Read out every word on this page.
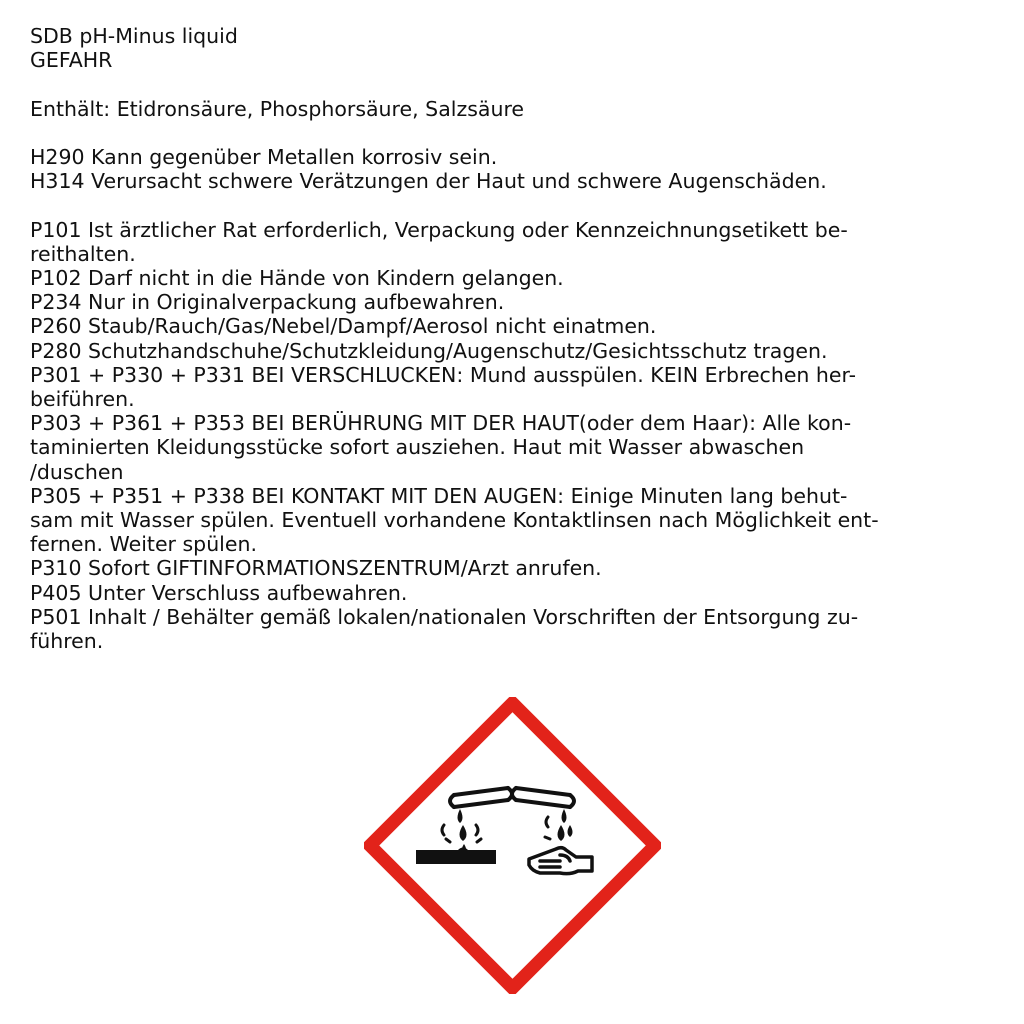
SDB pH-Minus liquid
GEFAHR
Enthält: Etidronsäure, Phosphorsäure, Salzsäure
H290 Kann gegenüber Metallen korrosiv sein.
H314 Verursacht schwere Verätzungen der Haut und schwere Augenschäden.
P101 Ist ärztlicher Rat erforderlich, Verpackung oder Kennzeichnungsetikett be-
reithalten.
P102 Darf nicht in die Hände von Kindern gelangen.
P234 Nur in Originalverpackung aufbewahren.
P260 Staub/Rauch/Gas/Nebel/Dampf/Aerosol nicht einatmen.
P280 Schutzhandschuhe/Schutzkleidung/Augenschutz/Gesichtsschutz tragen.
P301 + P330 + P331 BEI VERSCHLUCKEN: Mund ausspülen. KEIN Erbrechen her-
beiführen.
P303 + P361 + P353 BEI BERÜHRUNG MIT DER HAUT(oder dem Haar): Alle kon-
taminierten Kleidungsstücke sofort ausziehen. Haut mit Wasser abwaschen
/duschen
P305 + P351 + P338 BEI KONTAKT MIT DEN AUGEN: Einige Minuten lang behut-
sam mit Wasser spülen. Eventuell vorhandene Kontaktlinsen nach Möglichkeit ent-
fernen. Weiter spülen.
P310 Sofort GIFTINFORMATIONSZENTRUM/Arzt anrufen.
P405 Unter Verschluss aufbewahren.
P501 Inhalt / Behälter gemäß lokalen/nationalen Vorschriften der Entsorgung zu-
führen.
